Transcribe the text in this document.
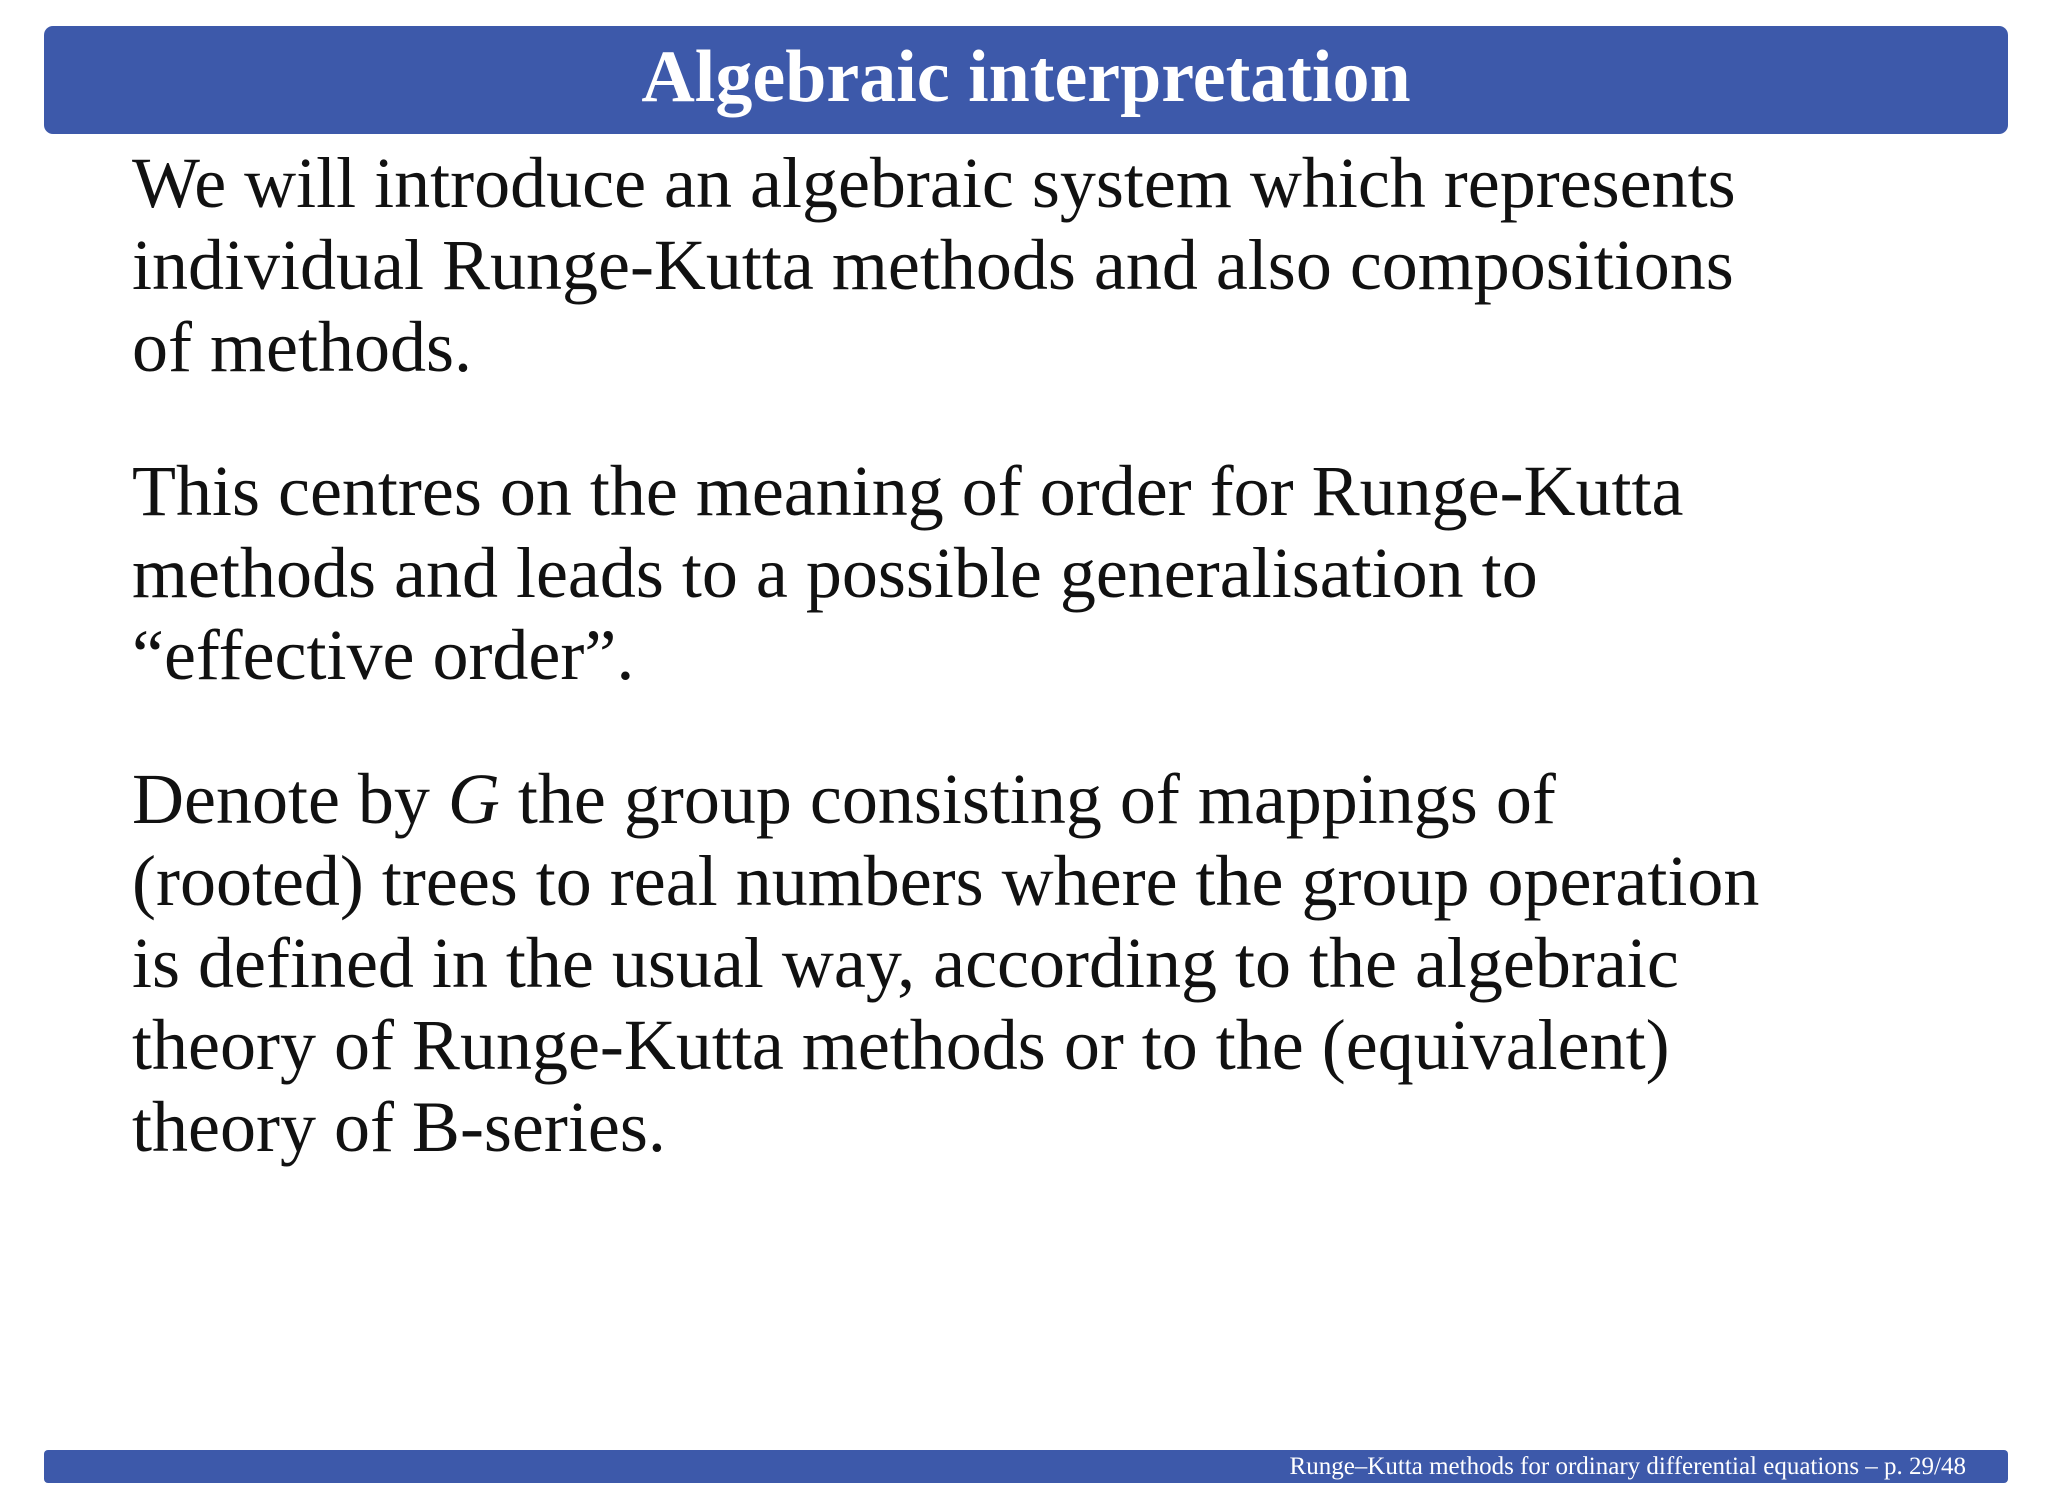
Algebraic interpretation

We will introduce an algebraic system which represents
individual Runge-Kutta methods and also compositions
of methods.

This centres on the meaning of order for Runge-Kutta
methods and leads to a possible generalisation to
“effective order”.

Denote by G the group consisting of mappings of
(rooted) trees to real numbers where the group operation
is defined in the usual way, according to the algebraic
theory of Runge-Kutta methods or to the (equivalent)
theory of B-series.

Runge–Kutta methods for ordinary differential equations – p. 29/48
